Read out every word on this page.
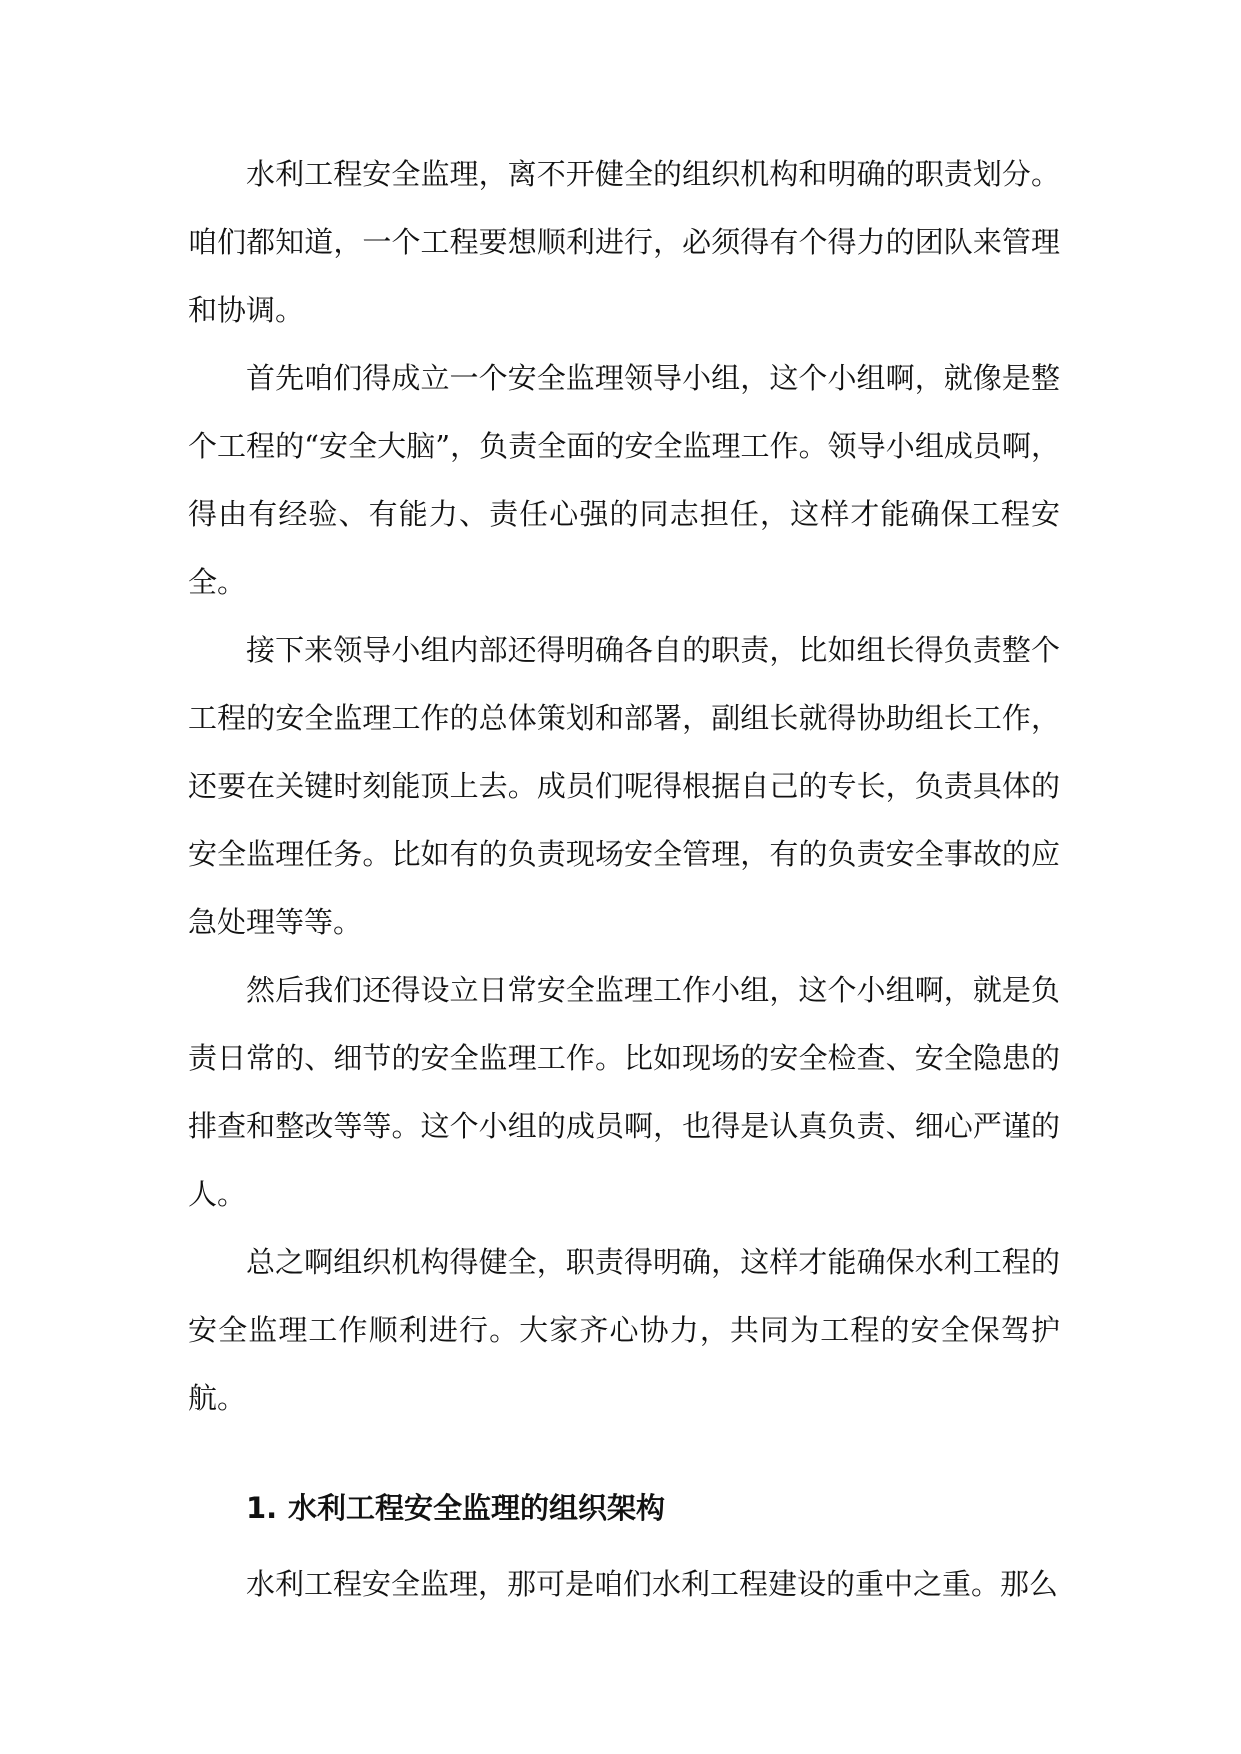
水利工程安全监理，离不开健全的组织机构和明确的职责划分。咱们都知道，一个工程要想顺利进行，必须得有个得力的团队来管理和协调。

首先咱们得成立一个安全监理领导小组，这个小组啊，就像是整个工程的“安全大脑”，负责全面的安全监理工作。领导小组成员啊，得由有经验、有能力、责任心强的同志担任，这样才能确保工程安全。

接下来领导小组内部还得明确各自的职责，比如组长得负责整个工程的安全监理工作的总体策划和部署，副组长就得协助组长工作，还要在关键时刻能顶上去。成员们呢得根据自己的专长，负责具体的安全监理任务。比如有的负责现场安全管理，有的负责安全事故的应急处理等等。

然后我们还得设立日常安全监理工作小组，这个小组啊，就是负责日常的、细节的安全监理工作。比如现场的安全检查、安全隐患的排查和整改等等。这个小组的成员啊，也得是认真负责、细心严谨的人。

总之啊组织机构得健全，职责得明确，这样才能确保水利工程的安全监理工作顺利进行。大家齐心协力，共同为工程的安全保驾护航。

1. 水利工程安全监理的组织架构

水利工程安全监理，那可是咱们水利工程建设的重中之重。那么
